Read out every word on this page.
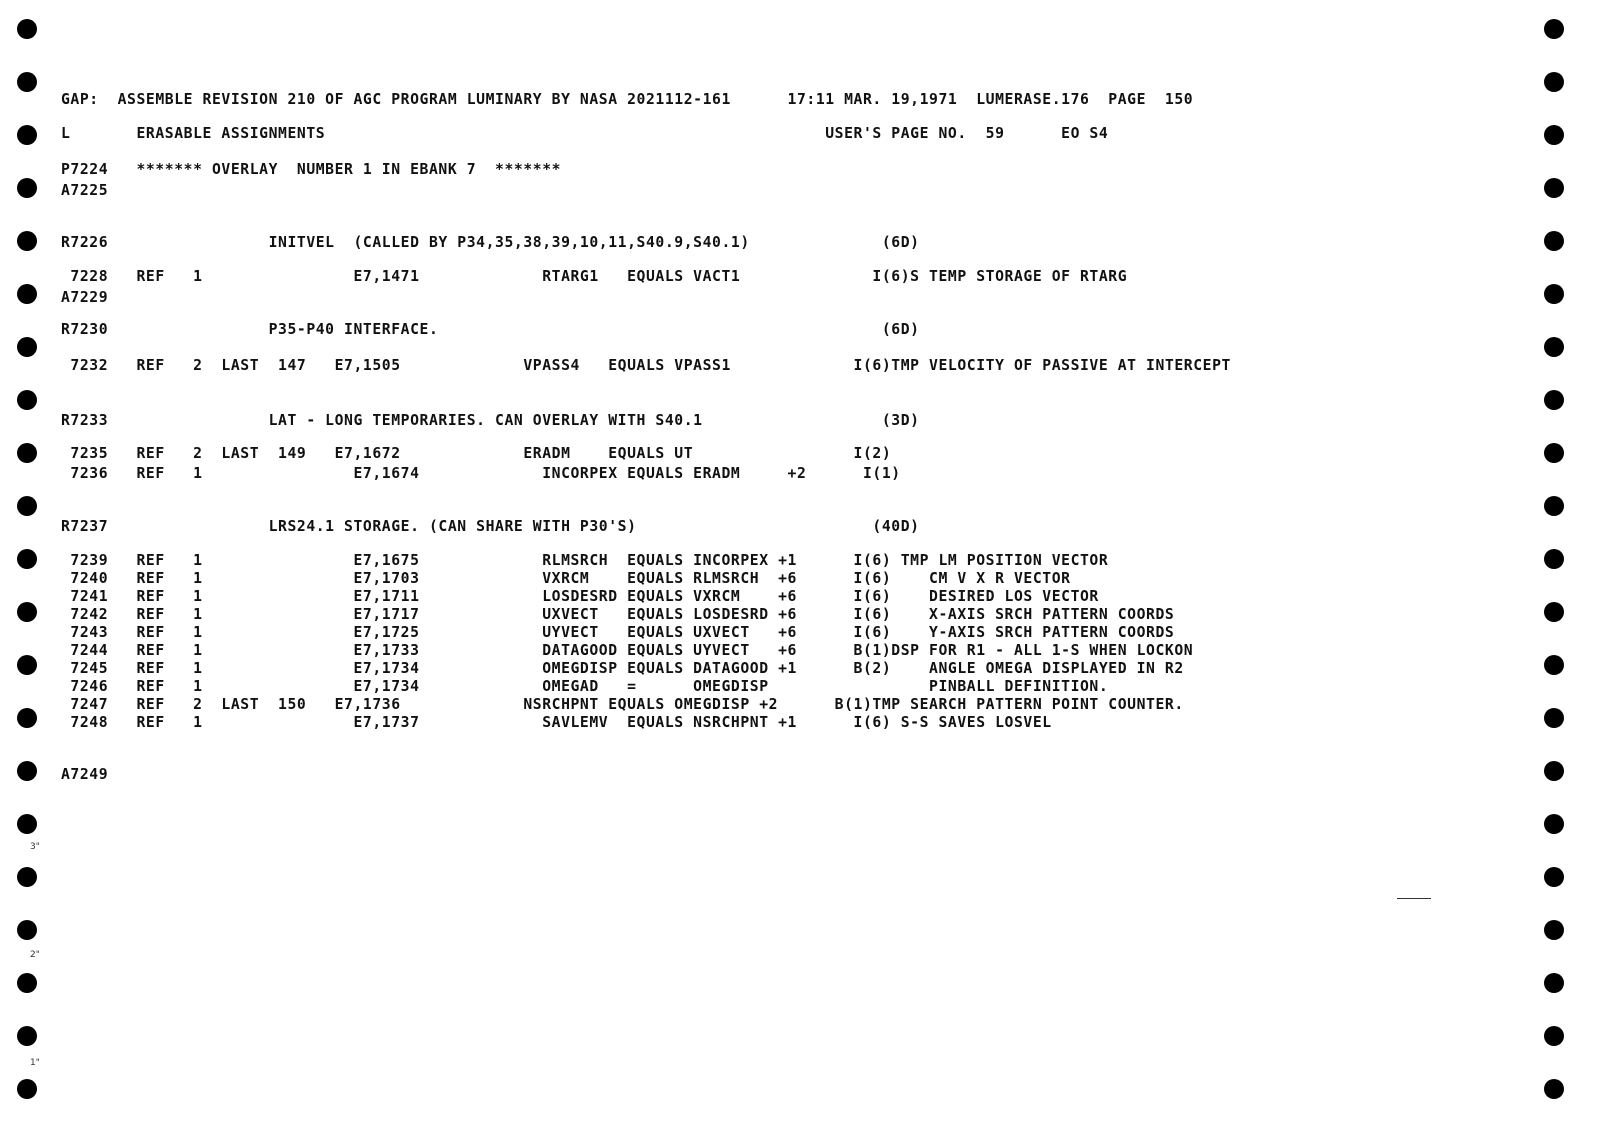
3"
2"
1"
GAP:  ASSEMBLE REVISION 210 OF AGC PROGRAM LUMINARY BY NASA 2021112-161      17:11 MAR. 19,1971  LUMERASE.176  PAGE  150
L       ERASABLE ASSIGNMENTS                                                     USER'S PAGE NO.  59      EO S4
P7224   ******* OVERLAY  NUMBER 1 IN EBANK 7  *******
A7225
R7226                 INITVEL  (CALLED BY P34,35,38,39,10,11,S40.9,S40.1)              (6D)
7228   REF   1                E7,1471             RTARG1   EQUALS VACT1              I(6)S TEMP STORAGE OF RTARG
A7229
R7230                 P35-P40 INTERFACE.                                               (6D)
7232   REF   2  LAST  147   E7,1505             VPASS4   EQUALS VPASS1             I(6)TMP VELOCITY OF PASSIVE AT INTERCEPT
R7233                 LAT - LONG TEMPORARIES. CAN OVERLAY WITH S40.1                   (3D)
7235   REF   2  LAST  149   E7,1672             ERADM    EQUALS UT                 I(2)
7236   REF   1                E7,1674             INCORPEX EQUALS ERADM     +2      I(1)
R7237                 LRS24.1 STORAGE. (CAN SHARE WITH P30'S)                         (40D)
7239   REF   1                E7,1675             RLMSRCH  EQUALS INCORPEX +1      I(6) TMP LM POSITION VECTOR
7240   REF   1                E7,1703             VXRCM    EQUALS RLMSRCH  +6      I(6)    CM V X R VECTOR
7241   REF   1                E7,1711             LOSDESRD EQUALS VXRCM    +6      I(6)    DESIRED LOS VECTOR
7242   REF   1                E7,1717             UXVECT   EQUALS LOSDESRD +6      I(6)    X-AXIS SRCH PATTERN COORDS
7243   REF   1                E7,1725             UYVECT   EQUALS UXVECT   +6      I(6)    Y-AXIS SRCH PATTERN COORDS
7244   REF   1                E7,1733             DATAGOOD EQUALS UYVECT   +6      B(1)DSP FOR R1 - ALL 1-S WHEN LOCKON
7245   REF   1                E7,1734             OMEGDISP EQUALS DATAGOOD +1      B(2)    ANGLE OMEGA DISPLAYED IN R2
7246   REF   1                E7,1734             OMEGAD   =      OMEGDISP                 PINBALL DEFINITION.
7247   REF   2  LAST  150   E7,1736             NSRCHPNT EQUALS OMEGDISP +2      B(1)TMP SEARCH PATTERN POINT COUNTER.
7248   REF   1                E7,1737             SAVLEMV  EQUALS NSRCHPNT +1      I(6) S-S SAVES LOSVEL
A7249
